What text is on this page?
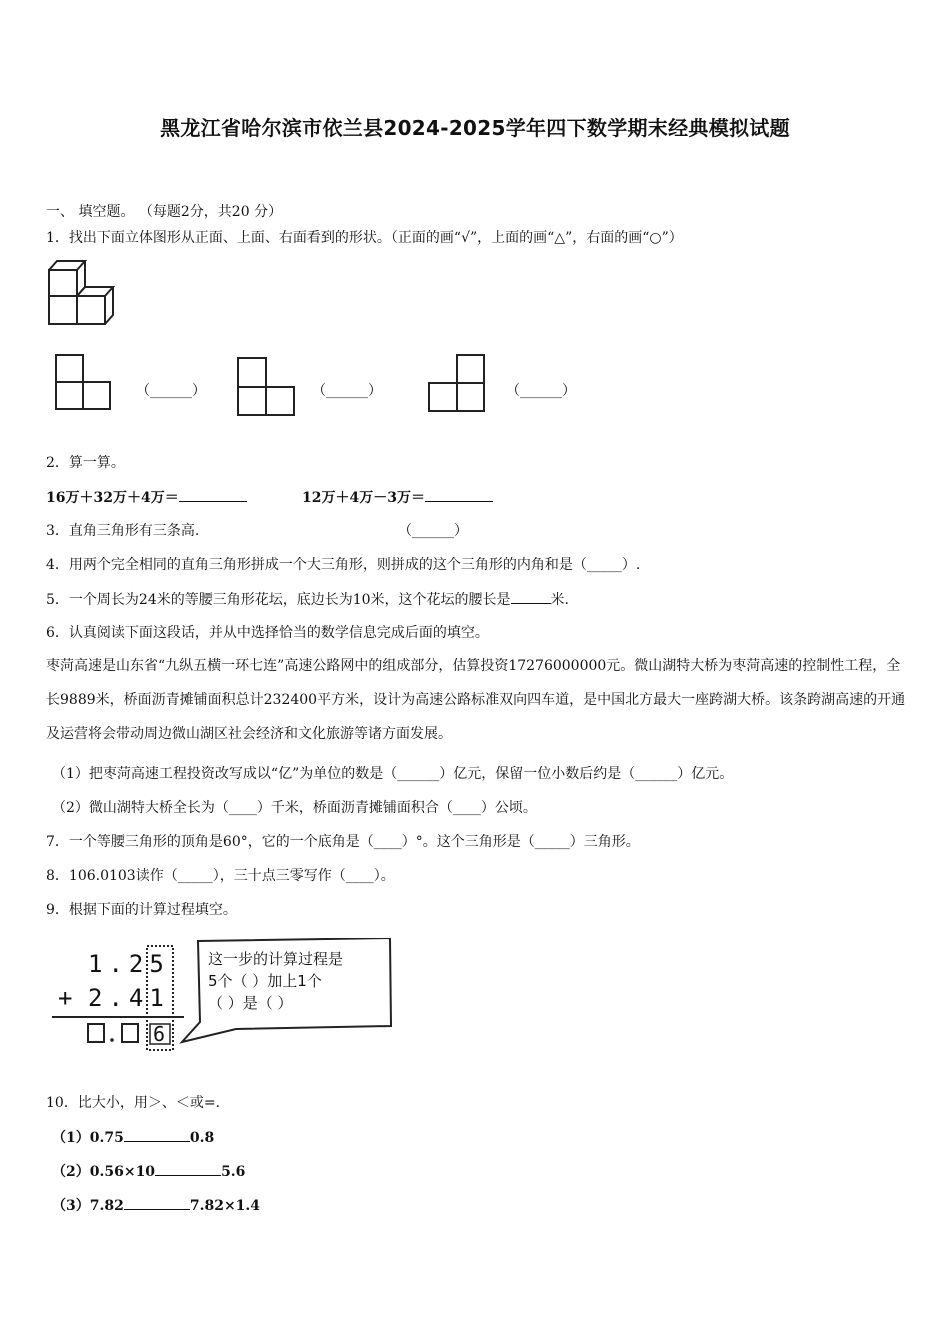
黑龙江省哈尔滨市依兰县2024-2025学年四下数学期末经典模拟试题
一、 填空题。 （每题2分，共20 分）
1．找出下面立体图形从正面、上面、右面看到的形状。（正面的画“√”，上面的画“△”，右面的画“○”）
（______）	（______）	（______）
2．算一算。
16万＋32万＋4万＝	12万＋4万－3万＝
3．直角三角形有三条高.	（______）
4．用两个完全相同的直角三角形拼成一个大三角形，则拼成的这个三角形的内角和是（_____）.
5．一个周长为24米的等腰三角形花坛，底边长为10米，这个花坛的腰长是	米.
6．认真阅读下面这段话，并从中选择恰当的数学信息完成后面的填空。
枣菏高速是山东省“九纵五横一环七连”高速公路网中的组成部分，估算投资17276000000元。微山湖特大桥为枣菏高速的控制性工程，全长9889米，桥面沥青摊铺面积总计232400平方米，设计为高速公路标准双向四车道，是中国北方最大一座跨湖大桥。该条跨湖高速的开通及运营将会带动周边微山湖区社会经济和文化旅游等诸方面发展。
（1）把枣菏高速工程投资改写成以“亿”为单位的数是（______）亿元，保留一位小数后约是（______）亿元。
（2）微山湖特大桥全长为（____）千米，桥面沥青摊铺面积合（____）公顷。
7．一个等腰三角形的顶角是60°，它的一个底角是（____）°。这个三角形是（_____）三角形。
8．106.0103读作（_____），三十点三零写作（____）。
9．根据下面的计算过程填空。
1.25
+ 2.41
6
这一步的计算过程是
5个（ ）加上1个
（ ）是（ ）
10．比大小，用＞、＜或=.
（1）0.75	0.8
（2）0.56×10	5.6
（3）7.82	7.82×1.4
